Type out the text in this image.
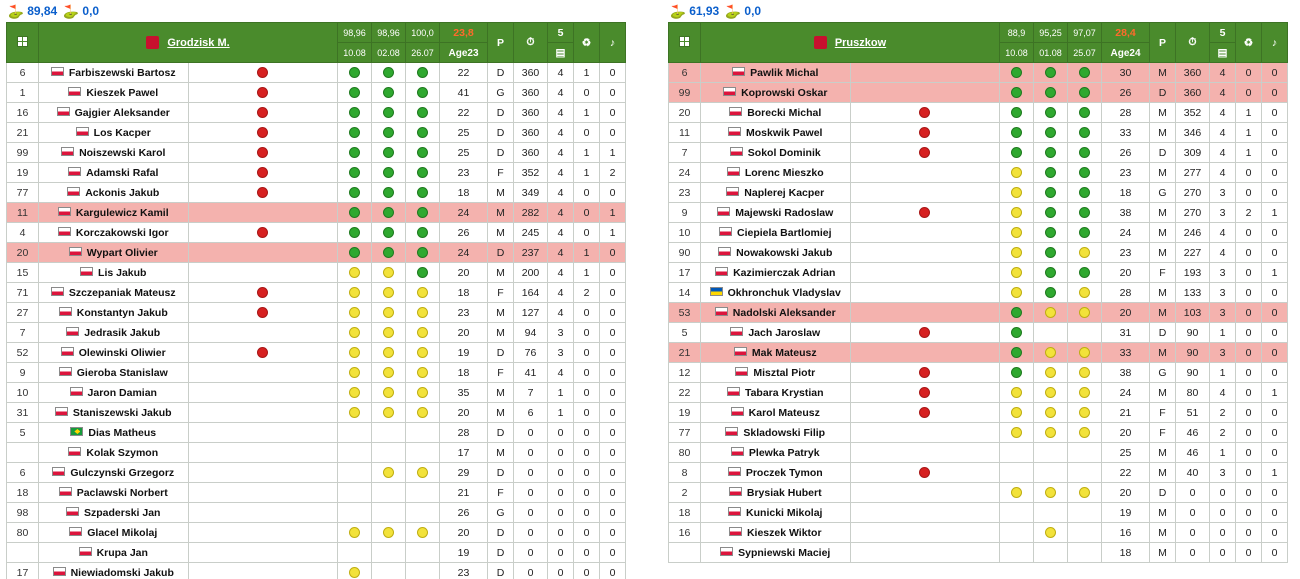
⛳ 89,84 ⛳ 0,0

	Grodzisk M.		98,96	98,96	100,0	23,8	P	⏱	5	♻	♪
			10.08	02.08	26.07	Age23			▤		
6	Farbiszewski Bartosz					22	D	360	4	1	0
1	Kieszek Pawel					41	G	360	4	0	0
16	Gajgier Aleksander					22	D	360	4	1	0
21	Los Kacper					25	D	360	4	0	0
99	Noiszewski Karol					25	D	360	4	1	1
19	Adamski Rafal					23	F	352	4	1	2
77	Ackonis Jakub					18	M	349	4	0	0
11	Kargulewicz Kamil					24	M	282	4	0	1
4	Korczakowski Igor					26	M	245	4	0	1
20	Wypart Olivier					24	D	237	4	1	0
15	Lis Jakub					20	M	200	4	1	0
71	Szczepaniak Mateusz					18	F	164	4	2	0
27	Konstantyn Jakub					23	M	127	4	0	0
7	Jedrasik Jakub					20	M	94	3	0	0
52	Olewinski Oliwier					19	D	76	3	0	0
9	Gieroba Stanislaw					18	F	41	4	0	0
10	Jaron Damian					35	M	7	1	0	0
31	Staniszewski Jakub					20	M	6	1	0	0
5	Dias Matheus					28	D	0	0	0	0
	Kolak Szymon					17	M	0	0	0	0
6	Gulczynski Grzegorz					29	D	0	0	0	0
18	Paclawski Norbert					21	F	0	0	0	0
98	Szpaderski Jan					26	G	0	0	0	0
80	Glacel Mikolaj					20	D	0	0	0	0
	Krupa Jan					19	D	0	0	0	0
17	Niewiadomski Jakub					23	D	0	0	0	0
⛳ 61,93 ⛳ 0,0

	Pruszkow		88,9	95,25	97,07	28,4	P	⏱	5	♻	♪
			10.08	01.08	25.07	Age24			▤		
6	Pawlik Michal					30	M	360	4	0	0
99	Koprowski Oskar					26	D	360	4	0	0
20	Borecki Michal					28	M	352	4	1	0
11	Moskwik Pawel					33	M	346	4	1	0
7	Sokol Dominik					26	D	309	4	1	0
24	Lorenc Mieszko					23	M	277	4	0	0
23	Naplerej Kacper					18	G	270	3	0	0
9	Majewski Radoslaw					38	M	270	3	2	1
10	Ciepiela Bartlomiej					24	M	246	4	0	0
90	Nowakowski Jakub					23	M	227	4	0	0
17	Kazimierczak Adrian					20	F	193	3	0	1
14	Okhronchuk Vladyslav					28	M	133	3	0	0
53	Nadolski Aleksander					20	M	103	3	0	0
5	Jach Jaroslaw					31	D	90	1	0	0
21	Mak Mateusz					33	M	90	3	0	0
12	Misztal Piotr					38	G	90	1	0	0
22	Tabara Krystian					24	M	80	4	0	1
19	Karol Mateusz					21	F	51	2	0	0
77	Skladowski Filip					20	F	46	2	0	0
80	Plewka Patryk					25	M	46	1	0	0
8	Proczek Tymon					22	M	40	3	0	1
2	Brysiak Hubert					20	D	0	0	0	0
18	Kunicki Mikolaj					19	M	0	0	0	0
16	Kieszek Wiktor					16	M	0	0	0	0
	Sypniewski Maciej					18	M	0	0	0	0
